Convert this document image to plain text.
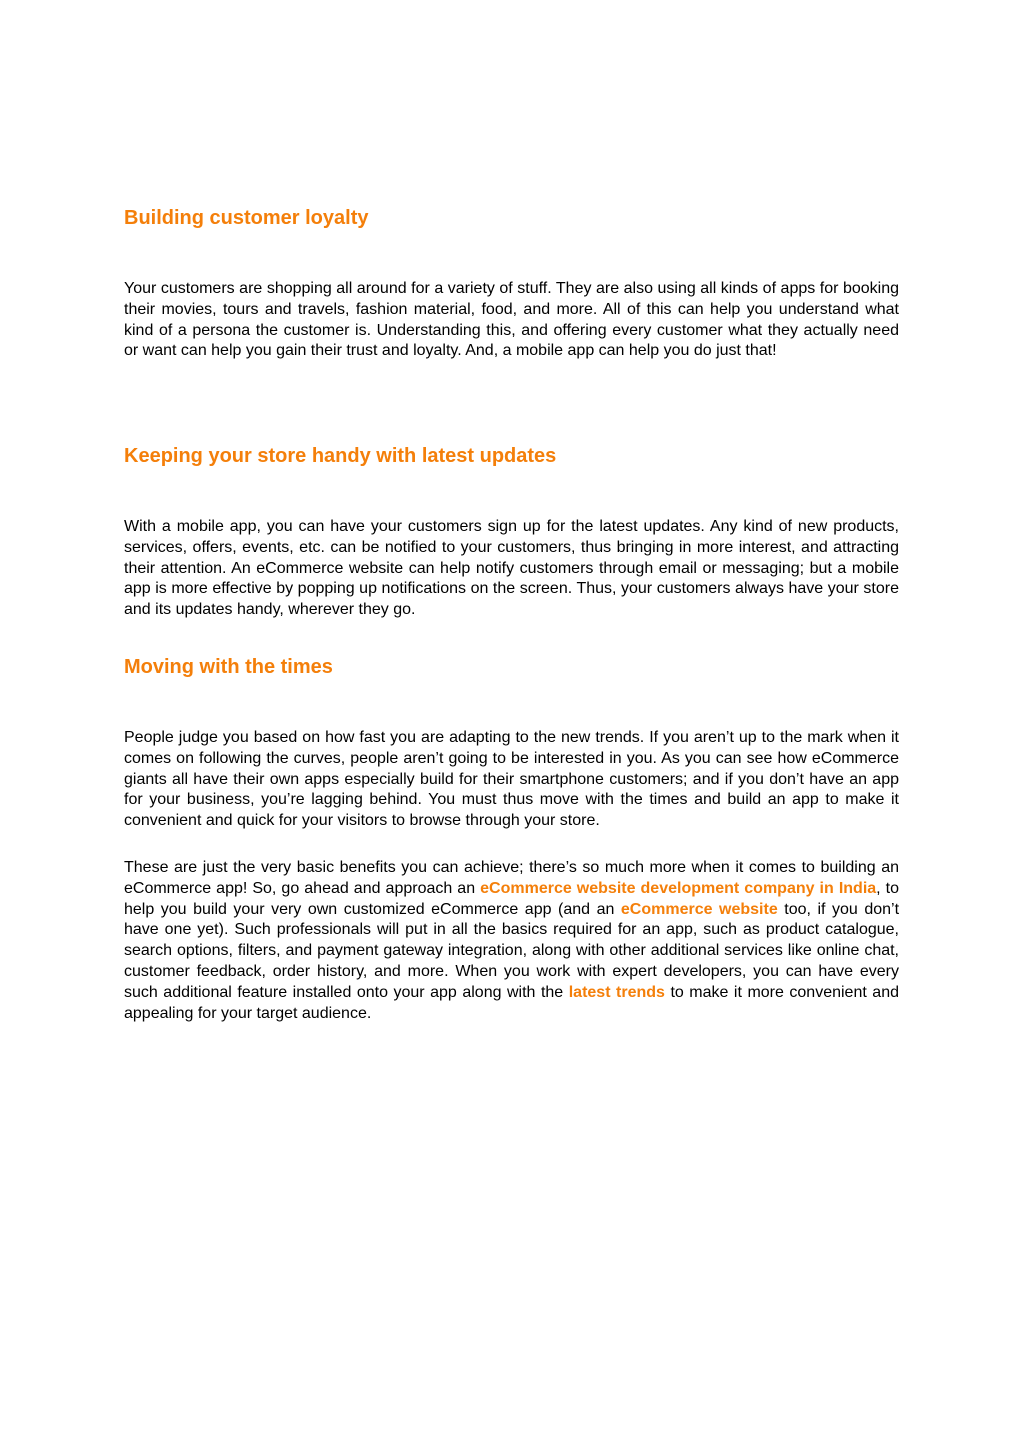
Building customer loyalty

Your customers are shopping all around for a variety of stuff. They are also using all kinds of apps for booking their movies, tours and travels, fashion material, food, and more. All of this can help you understand what kind of a persona the customer is. Understanding this, and offering every customer what they actually need or want can help you gain their trust and loyalty. And, a mobile app can help you do just that!

Keeping your store handy with latest updates

With a mobile app, you can have your customers sign up for the latest updates. Any kind of new products, services, offers, events, etc. can be notified to your customers, thus bringing in more interest, and attracting their attention. An eCommerce website can help notify customers through email or messaging; but a mobile app is more effective by popping up notifications on the screen. Thus, your customers always have your store and its updates handy, wherever they go.

Moving with the times

People judge you based on how fast you are adapting to the new trends. If you aren’t up to the mark when it comes on following the curves, people aren’t going to be interested in you. As you can see how eCommerce giants all have their own apps especially build for their smartphone customers; and if you don’t have an app for your business, you’re lagging behind. You must thus move with the times and build an app to make it convenient and quick for your visitors to browse through your store.

These are just the very basic benefits you can achieve; there’s so much more when it comes to building an eCommerce app! So, go ahead and approach an eCommerce website development company in India, to help you build your very own customized eCommerce app (and an eCommerce website too, if you don’t have one yet). Such professionals will put in all the basics required for an app, such as product catalogue, search options, filters, and payment gateway integration, along with other additional services like online chat, customer feedback, order history, and more. When you work with expert developers, you can have every such additional feature installed onto your app along with the latest trends to make it more convenient and appealing for your target audience.
